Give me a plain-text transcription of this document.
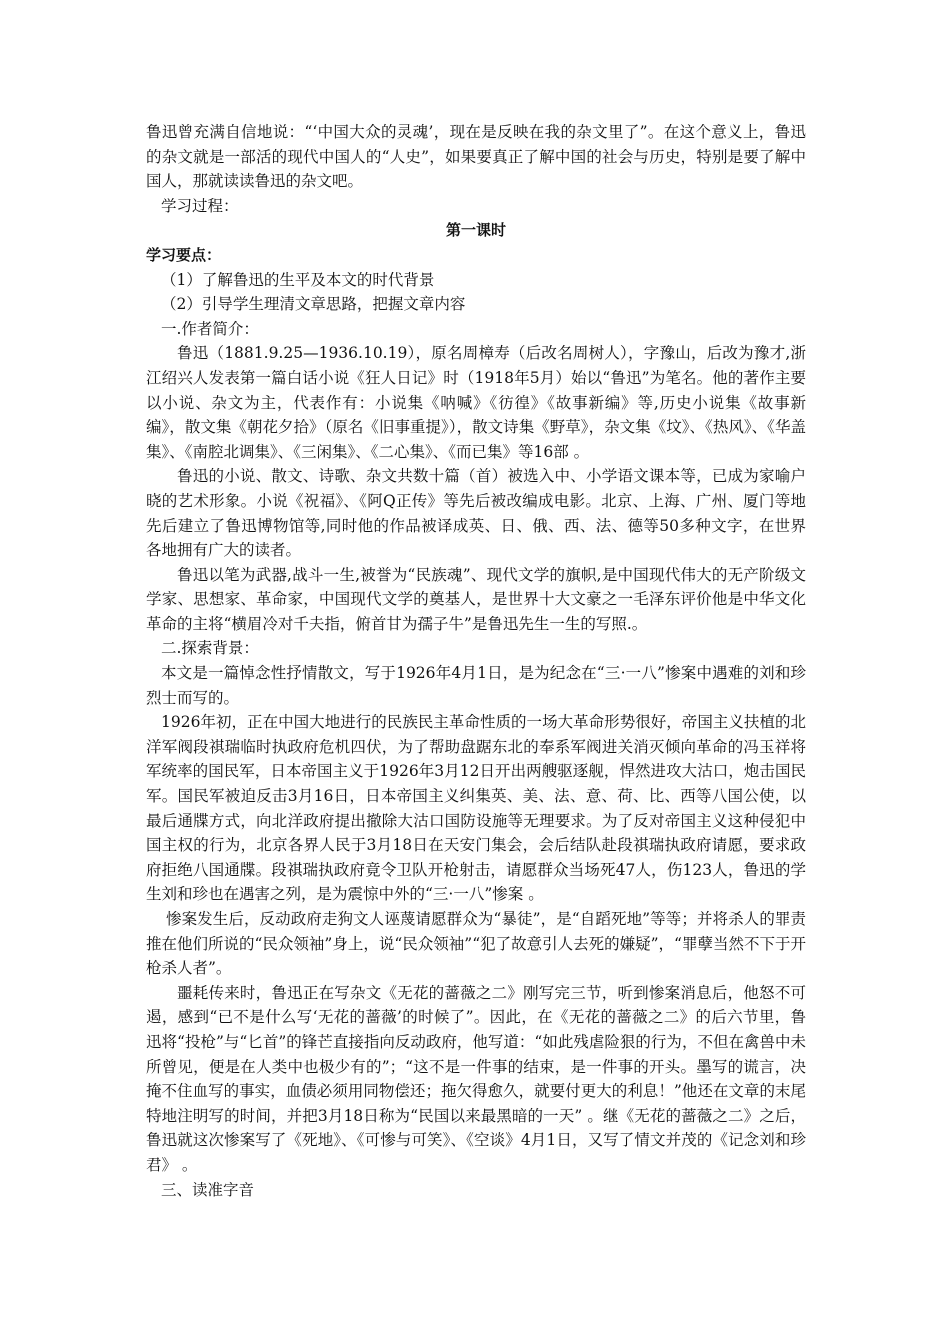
鲁迅曾充满自信地说：“‘中国大众的灵魂’，现在是反映在我的杂文里了”。在这个意义上，鲁迅的杂文就是一部活的现代中国人的“人史”，如果要真正了解中国的社会与历史，特别是要了解中国人，那就读读鲁迅的杂文吧。

学习过程：

第一课时

学习要点：

（1）了解鲁迅的生平及本文的时代背景

（2）引导学生理清文章思路，把握文章内容

一.作者简介：

鲁迅（1881.9.25—1936.10.19），原名周樟寿（后改名周树人），字豫山，后改为豫才,浙江绍兴人发表第一篇白话小说《狂人日记》时（1918年5月）始以“鲁迅”为笔名。他的著作主要以小说、杂文为主，代表作有：小说集《呐喊》《彷徨》《故事新编》等,历史小说集《故事新编》，散文集《朝花夕拾》（原名《旧事重提》），散文诗集《野草》，杂文集《坟》、《热风》、《华盖集》、《南腔北调集》、《三闲集》、《二心集》、《而已集》等16部 。

鲁迅的小说、散文、诗歌、杂文共数十篇（首）被选入中、小学语文课本等，已成为家喻户晓的艺术形象。小说《祝福》、《阿Q正传》等先后被改编成电影。北京、上海、广州、厦门等地先后建立了鲁迅博物馆等,同时他的作品被译成英、日、俄、西、法、德等50多种文字，在世界各地拥有广大的读者。

鲁迅以笔为武器,战斗一生,被誉为“民族魂”、现代文学的旗帜,是中国现代伟大的无产阶级文学家、思想家、革命家，中国现代文学的奠基人，是世界十大文豪之一毛泽东评价他是中华文化革命的主将“横眉冷对千夫指，俯首甘为孺子牛”是鲁迅先生一生的写照.。

二.探索背景：

本文是一篇悼念性抒情散文，写于1926年4月1日，是为纪念在“三·一八”惨案中遇难的刘和珍烈士而写的。

1926年初，正在中国大地进行的民族民主革命性质的一场大革命形势很好，帝国主义扶植的北洋军阀段祺瑞临时执政府危机四伏，为了帮助盘踞东北的奉系军阀进关消灭倾向革命的冯玉祥将军统率的国民军，日本帝国主义于1926年3月12日开出两艘驱逐舰，悍然进攻大沽口，炮击国民军。国民军被迫反击3月16日，日本帝国主义纠集英、美、法、意、荷、比、西等八国公使，以最后通牒方式，向北洋政府提出撤除大沽口国防设施等无理要求。为了反对帝国主义这种侵犯中国主权的行为，北京各界人民于3月18日在天安门集会，会后结队赴段祺瑞执政府请愿，要求政府拒绝八国通牒。段祺瑞执政府竟令卫队开枪射击，请愿群众当场死47人，伤123人，鲁迅的学生刘和珍也在遇害之列，是为震惊中外的“三·一八”惨案 。

惨案发生后，反动政府走狗文人诬蔑请愿群众为“暴徒”，是“自蹈死地”等等；并将杀人的罪责推在他们所说的“民众领袖”身上，说“民众领袖”“犯了故意引人去死的嫌疑”，“罪孽当然不下于开枪杀人者”。

噩耗传来时，鲁迅正在写杂文《无花的蔷薇之二》刚写完三节，听到惨案消息后，他怒不可遏，感到“已不是什么写‘无花的蔷薇’的时候了”。因此，在《无花的蔷薇之二》的后六节里，鲁迅将“投枪”与“匕首”的锋芒直接指向反动政府，他写道：“如此残虐险狠的行为，不但在禽兽中未所曾见，便是在人类中也极少有的”；“这不是一件事的结束，是一件事的开头。墨写的谎言，决掩不住血写的事实，血债必须用同物偿还；拖欠得愈久，就要付更大的利息！”他还在文章的末尾特地注明写的时间，并把3月18日称为“民国以来最黑暗的一天” 。继《无花的蔷薇之二》之后，鲁迅就这次惨案写了《死地》、《可惨与可笑》、《空谈》4月1日，又写了情文并茂的《记念刘和珍君》 。

三、读准字音
